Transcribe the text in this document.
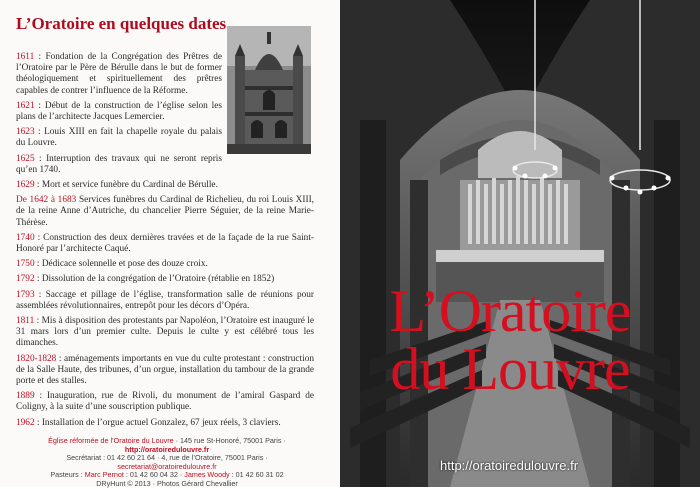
L’Oratoire en quelques dates

1611 : Fondation de la Congrégation des Prêtres de l’Oratoire par le Père de Bérulle dans le but de former théologiquement et spirituellement des prêtres capables de contrer l’influence de la Réforme.

1621 : Début de la construction de l’église selon les plans de l’architecte Jacques Lemercier.

1623 : Louis XIII en fait la chapelle royale du palais du Louvre.

1625 : Interruption des travaux qui ne seront repris qu’en 1740.

1629 : Mort et service funèbre du Cardinal de Bérulle.

De 1642 à 1683 Services funèbres du Cardinal de Richelieu, du roi Louis XIII, de la reine Anne d’Autriche, du chancelier Pierre Séguier, de la reine Marie-Thérèse.

1740 : Construction des deux dernières travées et de la façade de la rue Saint-Honoré par l’architecte Caqué.

1750 : Dédicace solennelle et pose des douze croix.

1792 : Dissolution de la congrégation de l’Oratoire (rétablie en 1852)

1793 : Saccage et pillage de l’église, transformation salle de réunions pour assemblées révolutionnaires, entrepôt pour les décors d’Opéra.

1811 : Mis à disposition des protestants par Napoléon, l’Oratoire est inauguré le 31 mars lors d’un premier culte. Depuis le culte y est célébré tous les dimanches.

1820-1828 : aménagements importants en vue du culte protestant : construction de la Salle Haute, des tribunes, d’un orgue, installation du tambour de la grande porte et des stalles.

1889 : Inauguration, rue de Rivoli, du monument de l’amiral Gaspard de Coligny, à la suite d’une souscription publique.

1962 : Installation de l’orgue actuel Gonzalez, 67 jeux réels, 3 claviers.

Église réformée de l’Oratoire du Louvre · 145 rue St-Honoré, 75001 Paris · http://oratoiredulouvre.fr
Secrétariat : 01 42 60 21 64 · 4, rue de l’Oratoire, 75001 Paris · secretariat@oratoiredulouvre.fr
Pasteurs : Marc Pernot : 01 42 60 04 32 · James Woody : 01 42 60 31 02
DRyHunt © 2013 · Photos Gérard Chevallier
L’Oratoire
du Louvre
http://oratoiredulouvre.fr
